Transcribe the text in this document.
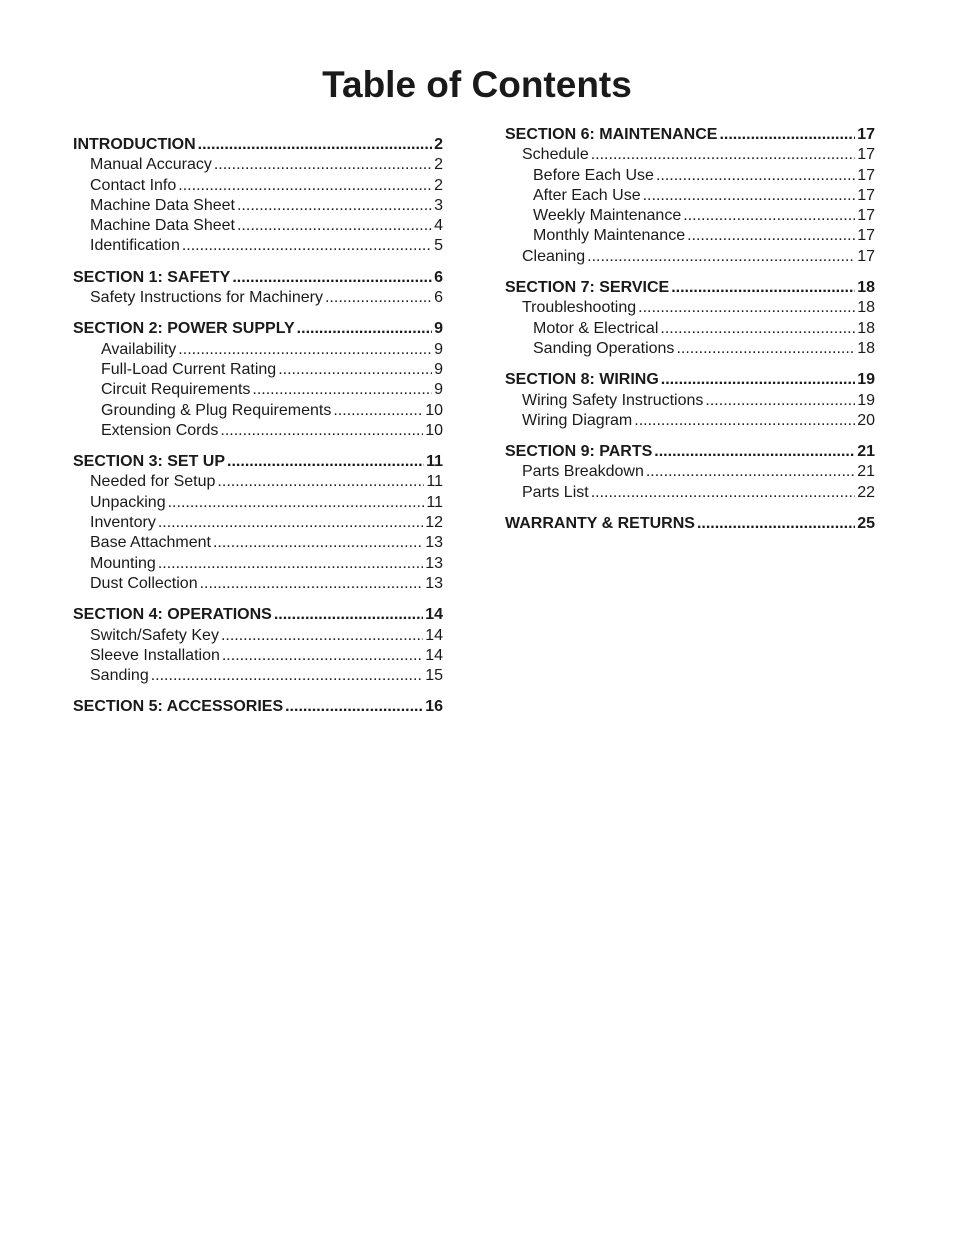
Table of Contents
INTRODUCTION .....	2
Manual Accuracy .....	2
Contact Info .....	2
Machine Data Sheet .....	3
Machine Data Sheet .....	4
Identification .....	5
SECTION 1: SAFETY .....	6
Safety Instructions for Machinery .....	6
SECTION 2: POWER SUPPLY .....	9
Availability .....	9
Full-Load Current Rating .....	9
Circuit Requirements .....	9
Grounding & Plug Requirements .....	10
Extension Cords .....	10
SECTION 3: SET UP .....	11
Needed for Setup .....	11
Unpacking .....	11
Inventory .....	12
Base Attachment .....	13
Mounting .....	13
Dust Collection .....	13
SECTION 4: OPERATIONS .....	14
Switch/Safety Key .....	14
Sleeve Installation .....	14
Sanding .....	15
SECTION 5: ACCESSORIES .....	16
SECTION 6: MAINTENANCE .....	17
Schedule .....	17
Before Each Use .....	17
After Each Use .....	17
Weekly Maintenance .....	17
Monthly Maintenance .....	17
Cleaning .....	17
SECTION 7: SERVICE .....	18
Troubleshooting .....	18
Motor & Electrical .....	18
Sanding Operations .....	18
SECTION 8: WIRING .....	19
Wiring Safety Instructions .....	19
Wiring Diagram .....	20
SECTION 9: PARTS .....	21
Parts Breakdown .....	21
Parts List .....	22
WARRANTY & RETURNS .....	25
